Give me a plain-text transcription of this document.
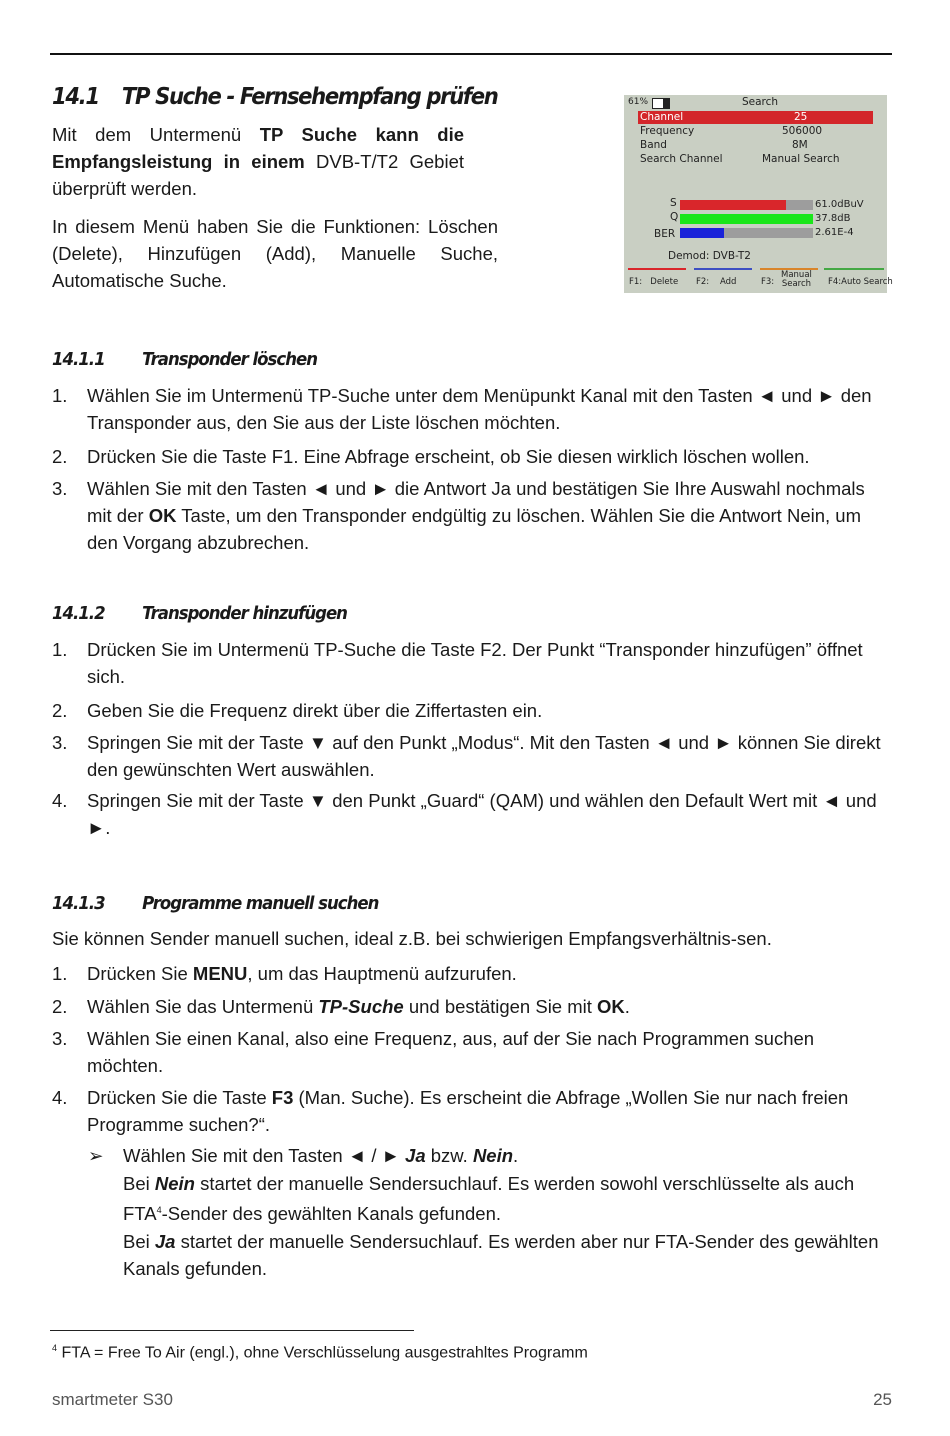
14.1 TP Suche - Fernsehempfang prüfen
Mit dem Untermenü TP Suche kann die Empfangsleistung in einem DVB-T/T2 Gebiet überprüft werden.
In diesem Menü haben Sie die Funktionen: Löschen (Delete), Hinzufügen (Add), Manuelle Suche, Automatische Suche.
61%	Search
Channel	25
Frequency	506000
Band	8M
Search Channel	Manual Search
S	61.0dBuV
Q	37.8dB
BER	2.61E-4
Demod: DVB-T2
F1: Delete F2: Add	F3:
Manual
Search F4:Auto Search
14.1.1 Transponder löschen
1. Wählen Sie im Untermenü TP-Suche unter dem Menüpunkt Kanal mit den Tasten ◄ und ► den Transponder aus, den Sie aus der Liste löschen möchten.
2. Drücken Sie die Taste F1. Eine Abfrage erscheint, ob Sie diesen wirklich löschen wollen.
3. Wählen Sie mit den Tasten ◄ und ► die Antwort Ja und bestätigen Sie Ihre Auswahl nochmals mit der OK Taste, um den Transponder endgültig zu löschen. Wählen Sie die Antwort Nein, um den Vorgang abzubrechen.
14.1.2 Transponder hinzufügen
1. Drücken Sie im Untermenü TP-Suche die Taste F2. Der Punkt “Transponder hinzufügen” öffnet sich.
2. Geben Sie die Frequenz direkt über die Ziffertasten ein.
3. Springen Sie mit der Taste ▼ auf den Punkt „Modus“. Mit den Tasten ◄ und ► können Sie direkt den gewünschten Wert auswählen.
4. Springen Sie mit der Taste ▼ den Punkt „Guard“ (QAM) und wählen den Default Wert mit ◄ und ►.
14.1.3 Programme manuell suchen
Sie können Sender manuell suchen, ideal z.B. bei schwierigen Empfangsverhältnis-sen.
1. Drücken Sie MENU, um das Hauptmenü aufzurufen.
2. Wählen Sie das Untermenü TP-Suche und bestätigen Sie mit OK.
3. Wählen Sie einen Kanal, also eine Frequenz, aus, auf der Sie nach Programmen suchen möchten.
4. Drücken Sie die Taste F3 (Man. Suche). Es erscheint die Abfrage „Wollen Sie nur nach freien Programme suchen?“.
➢ Wählen Sie mit den Tasten ◄ / ► Ja bzw. Nein.
Bei Nein startet der manuelle Sendersuchlauf. Es werden sowohl verschlüsselte als auch FTA$^4$-Sender des gewählten Kanals gefunden.
Bei Ja startet der manuelle Sendersuchlauf. Es werden aber nur FTA-Sender des gewählten Kanals gefunden.
$^4$ FTA = Free To Air (engl.), ohne Verschlüsselung ausgestrahltes Programm
smartmeter S30	25
